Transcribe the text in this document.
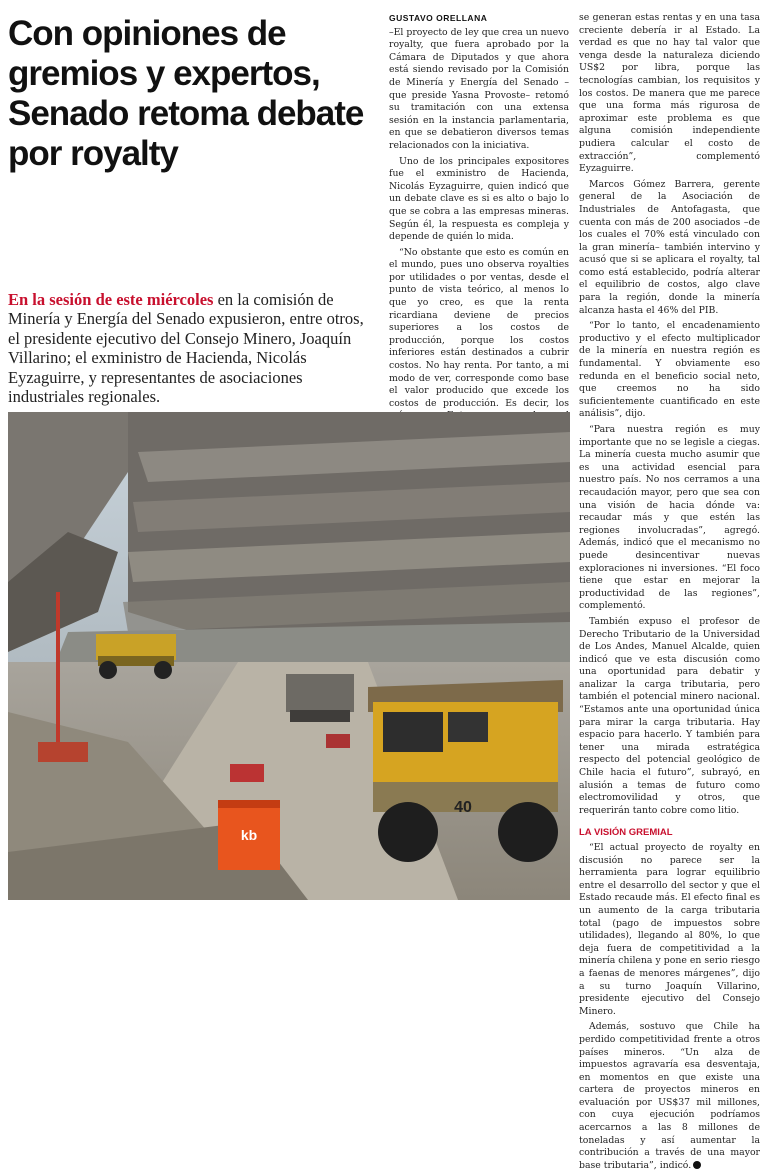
Con opiniones de gremios y expertos, Senado retoma debate por royalty

En la sesión de este miércoles en la comisión de Minería y Energía del Senado expusieron, entre otros, el presidente ejecutivo del Consejo Minero, Joaquín Villarino; el exministro de Hacienda, Nicolás Eyzaguirre, y representantes de asociaciones industriales regionales.

GUSTAVO ORELLANA

–El proyecto de ley que crea un nuevo royalty, que fuera aprobado por la Cámara de Diputados y que ahora está siendo revisado por la Comisión de Minería y Energía del Senado –que preside Yasna Provoste– retomó su tramitación con una extensa sesión en la instancia parlamentaria, en que se debatieron diversos temas relacionados con la iniciativa.

Uno de los principales expositores fue el exministro de Hacienda, Nicolás Eyzaguirre, quien indicó que un debate clave es si es alto o bajo lo que se cobra a las empresas mineras. Según él, la respuesta es compleja y depende de quién lo mida.

“No obstante que esto es común en el mundo, pues uno observa royalties por utilidades o por ventas, desde el punto de vista teórico, al menos lo que yo creo, es que la renta ricardiana deviene de precios superiores a los costos de producción, porque los costos inferiores están destinados a cubrir costos. No hay renta. Por tanto, a mi modo de ver, corresponde como base el valor producido que excede los costos de producción. Es decir, los

se generan estas rentas y en una tasa creciente debería ir al Estado. La verdad es que no hay tal valor que venga desde la naturaleza diciendo US$2 por libra, porque las tecnologías cambian, los requisitos y los costos. De manera que me parece que una forma más rigurosa de aproximar este problema es que alguna comisión independiente pudiera calcular el costo de extracción”, complementó Eyzaguirre.

Marcos Gómez Barrera, gerente general de la Asociación de Industriales de Antofagasta, que cuenta con más de 200 asociados –de los cuales el 70% está vinculado con la gran minería– también intervino y acusó que si se aplicara el royalty, tal como está establecido, podría alterar el equilibrio de costos, algo clave para la región, donde la minería alcanza hasta el 46% del PIB.

“Por lo tanto, el encadenamiento productivo y el efecto multiplicador de la minería en nuestra región es fundamental. Y obviamente eso redunda en el beneficio social neto, que creemos no ha sido suficientemente cuantificado en este análisis”, dijo.

“Para nuestra región es muy importante que no se legisle a ciegas. La minería cuesta mucho asumir que es una actividad esencial para nuestro país. No nos cerramos a una recaudación mayor, pero que sea con una visión de hacia dónde va: recaudar más y que estén las regiones involucradas”, agregó. Además, indicó que el mecanismo no puede desincentivar nuevas exploraciones ni inversiones. “El foco tiene que estar en mejorar la productividad de las regiones”, complementó.

También expuso el profesor de Derecho Tributario de la Universidad de Los Andes, Manuel Alcalde, quien indicó que ve esta discusión como una oportunidad para debatir y analizar la carga tributaria, pero también el potencial minero nacional. “Estamos ante una oportunidad única para mirar la carga tributaria. Hay espacio para hacerlo. Y también para tener una mirada estratégica respecto del potencial geológico de Chile hacia el futuro”, subrayó, en alusión a temas de futuro como electromovilidad y otros, que requerirán tanto cobre como litio.

LA VISIÓN GREMIAL

“El actual proyecto de royalty en discusión no parece ser la herramienta para lograr equilibrio entre el desarrollo del sector y que el Estado recaude más. El efecto final es un aumento de la carga tributaria total (pago de impuestos sobre utilidades), llegando al 80%, lo que deja fuera de competitividad a la minería chilena y pone en serio riesgo a faenas de menores márgenes”, dijo a su turno Joaquín Villarino, presidente ejecutivo del Consejo Minero.

Además, sostuvo que Chile ha perdido competitividad frente a otros países mineros. “Un alza de impuestos agravaría esa desventaja, en momentos en que existe una cartera de proyectos mineros en evaluación por US$37 mil millones, con cuya ejecución podríamos acercarnos a las 8 millones de toneladas y así aumentar la contribución a través de una mayor base tributaria”, indicó.

40
kb
